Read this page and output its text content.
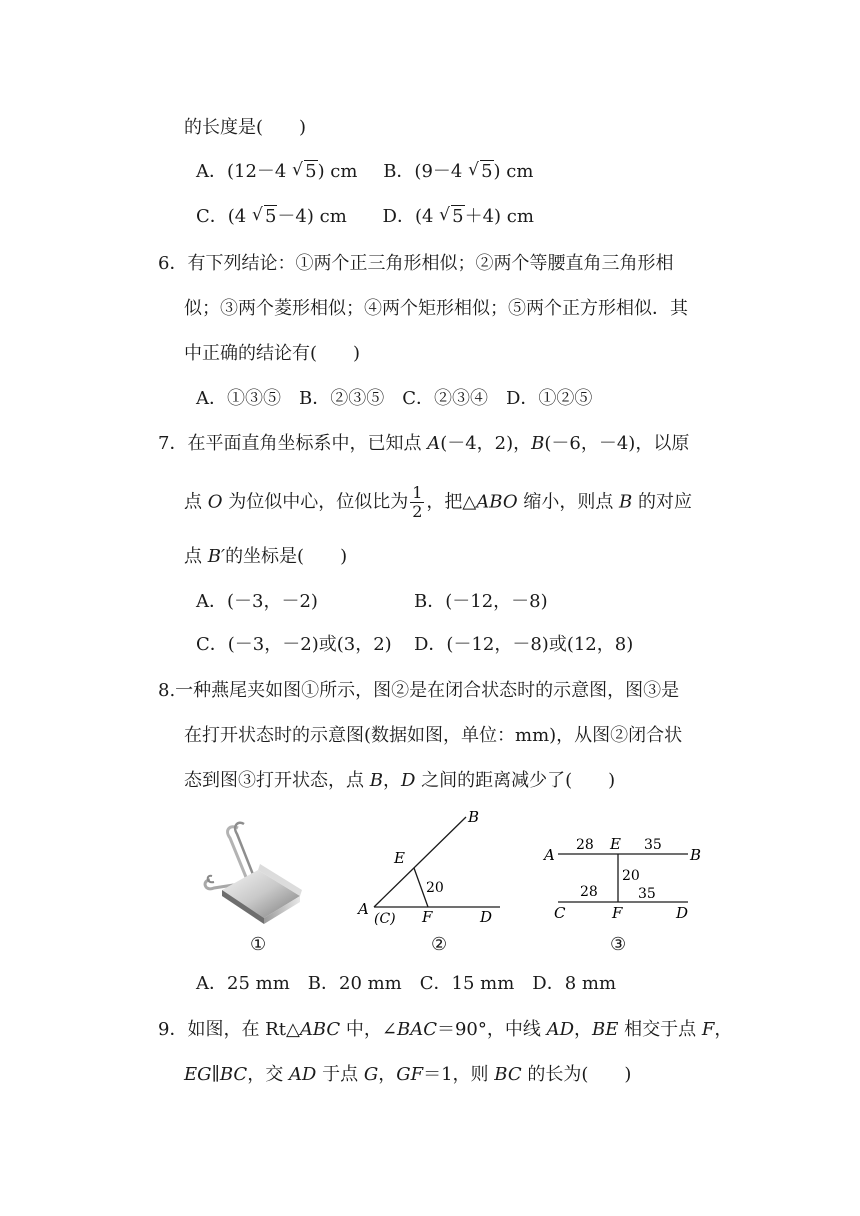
的长度是(　　)
A．(12－4 √ 5) cm B．(9－4 √ 5) cm
C．(4 √ 5－4) cm D．(4 √ 5＋4) cm
6．有下列结论：①两个正三角形相似；②两个等腰直角三角形相
似；③两个菱形相似；④两个矩形相似；⑤两个正方形相似．其
中正确的结论有(　　)
A．①③⑤　B．②③⑤　C．②③④　D．①②⑤
7．在平面直角坐标系中，已知点 A(－4，2)，B(－6，－4)，以原
点 O 为位似中心，位似比为 $\frac{1}{2}$ ，把△ABO 缩小，则点 B 的对应
点 B′的坐标是(　　)
A．(－3，－2)	B．(－12，－8)
C．(－3，－2)或(3，2) D．(－12，－8)或(12，8)
8.一种燕尾夹如图①所示，图②是在闭合状态时的示意图，图③是
在打开状态时的示意图(数据如图，单位：mm)，从图②闭合状
态到图③打开状态，点 B，D 之间的距离减少了(　　)
B
E
20
A
(C) F	D
28 E 35
A	B
20
28	35
C	F	D
①	②	③
A．25 mm　B．20 mm　C．15 mm　D．8 mm
9．如图，在 Rt△ABC 中，∠BAC＝90°，中线 AD，BE 相交于点 F，
EG∥BC，交 AD 于点 G，GF＝1，则 BC 的长为(　　)
